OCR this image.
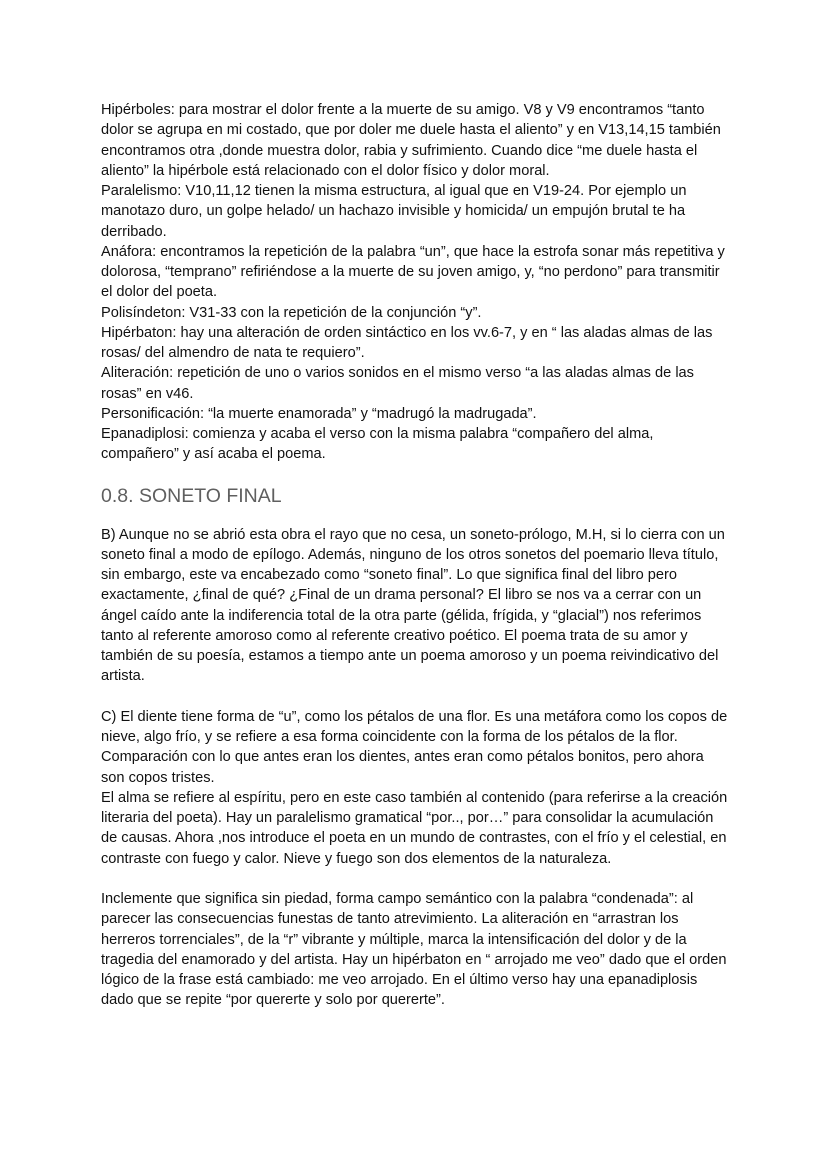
Hipérboles: para mostrar el dolor frente a la muerte de su amigo. V8 y V9 encontramos “tanto dolor se agrupa en mi costado, que por doler me duele hasta el aliento” y en V13,14,15 también encontramos otra ,donde muestra dolor, rabia y sufrimiento. Cuando dice “me duele hasta el aliento” la hipérbole está relacionado con el dolor físico y dolor moral.

Paralelismo: V10,11,12 tienen la misma estructura, al igual que en V19-24. Por ejemplo un manotazo duro, un golpe helado/ un hachazo invisible y homicida/ un empujón brutal te ha derribado.

Anáfora: encontramos la repetición de la palabra “un”, que hace la estrofa sonar más repetitiva y dolorosa, “temprano” refiriéndose a la muerte de su joven amigo, y, “no perdono” para transmitir el dolor del poeta.

Polisíndeton: V31-33 con la repetición de la conjunción “y”.

Hipérbaton: hay una alteración de orden sintáctico en los vv.6-7, y en “ las aladas almas de las rosas/ del almendro de nata te requiero”.

Aliteración: repetición de uno o varios sonidos en el mismo verso “a las aladas almas de las rosas” en v46.

Personificación: “la muerte enamorada” y “madrugó la madrugada”.

Epanadiplosi: comienza y acaba el verso con la misma palabra “compañero del alma, compañero” y así acaba el poema.

0.8. SONETO FINAL

B) Aunque no se abrió esta obra el rayo que no cesa, un soneto-prólogo, M.H, si lo cierra con un soneto final a modo de epílogo. Además, ninguno de los otros sonetos del poemario lleva título, sin embargo, este va encabezado como “soneto final”. Lo que significa final del libro pero exactamente, ¿final de qué? ¿Final de un drama personal? El libro se nos va a cerrar con un ángel caído ante la indiferencia total de la otra parte (gélida, frígida, y “glacial”) nos referimos tanto al referente amoroso como al referente creativo poético. El poema trata de su amor y también de su poesía, estamos a tiempo ante un poema amoroso y un poema reivindicativo del artista.

C) El diente tiene forma de “u”, como los pétalos de una flor. Es una metáfora como los copos de nieve, algo frío, y se refiere a esa forma coincidente con la forma de los pétalos de la flor. Comparación con lo que antes eran los dientes, antes eran como pétalos bonitos, pero ahora son copos tristes.

El alma se refiere al espíritu, pero en este caso también al contenido (para referirse a la creación literaria del poeta). Hay un paralelismo gramatical “por.., por…” para consolidar la acumulación de causas. Ahora ,nos introduce el poeta en un mundo de contrastes, con el frío y el celestial, en contraste con fuego y calor. Nieve y fuego son dos elementos de la naturaleza.

Inclemente que significa sin piedad, forma campo semántico con la palabra “condenada”: al parecer las consecuencias funestas de tanto atrevimiento. La aliteración en “arrastran los herreros torrenciales”, de la “r” vibrante y múltiple, marca la intensificación del dolor y de la tragedia del enamorado y del artista. Hay un hipérbaton en “ arrojado me veo” dado que el orden lógico de la frase está cambiado: me veo arrojado. En el último verso hay una epanadiplosis dado que se repite “por quererte y solo por quererte”.
